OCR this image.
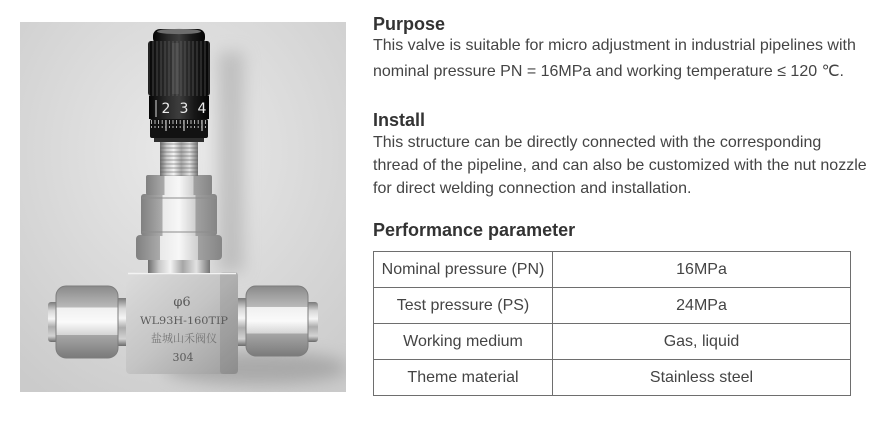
φ6
WL93H-160TIP
盐城山禾阀仪
304
2 3 4
Purpose

This valve is suitable for micro adjustment in industrial pipelines with
nominal pressure PN = 16MPa and working temperature ≤ 120 ℃.

Install

This structure can be directly connected with the corresponding
thread of the pipeline, and can also be customized with the nut nozzle
for direct welding connection and installation.

Performance parameter
Nominal pressure (PN)	16MPa
Test pressure (PS)	24MPa
Working medium	Gas, liquid
Theme material	Stainless steel
